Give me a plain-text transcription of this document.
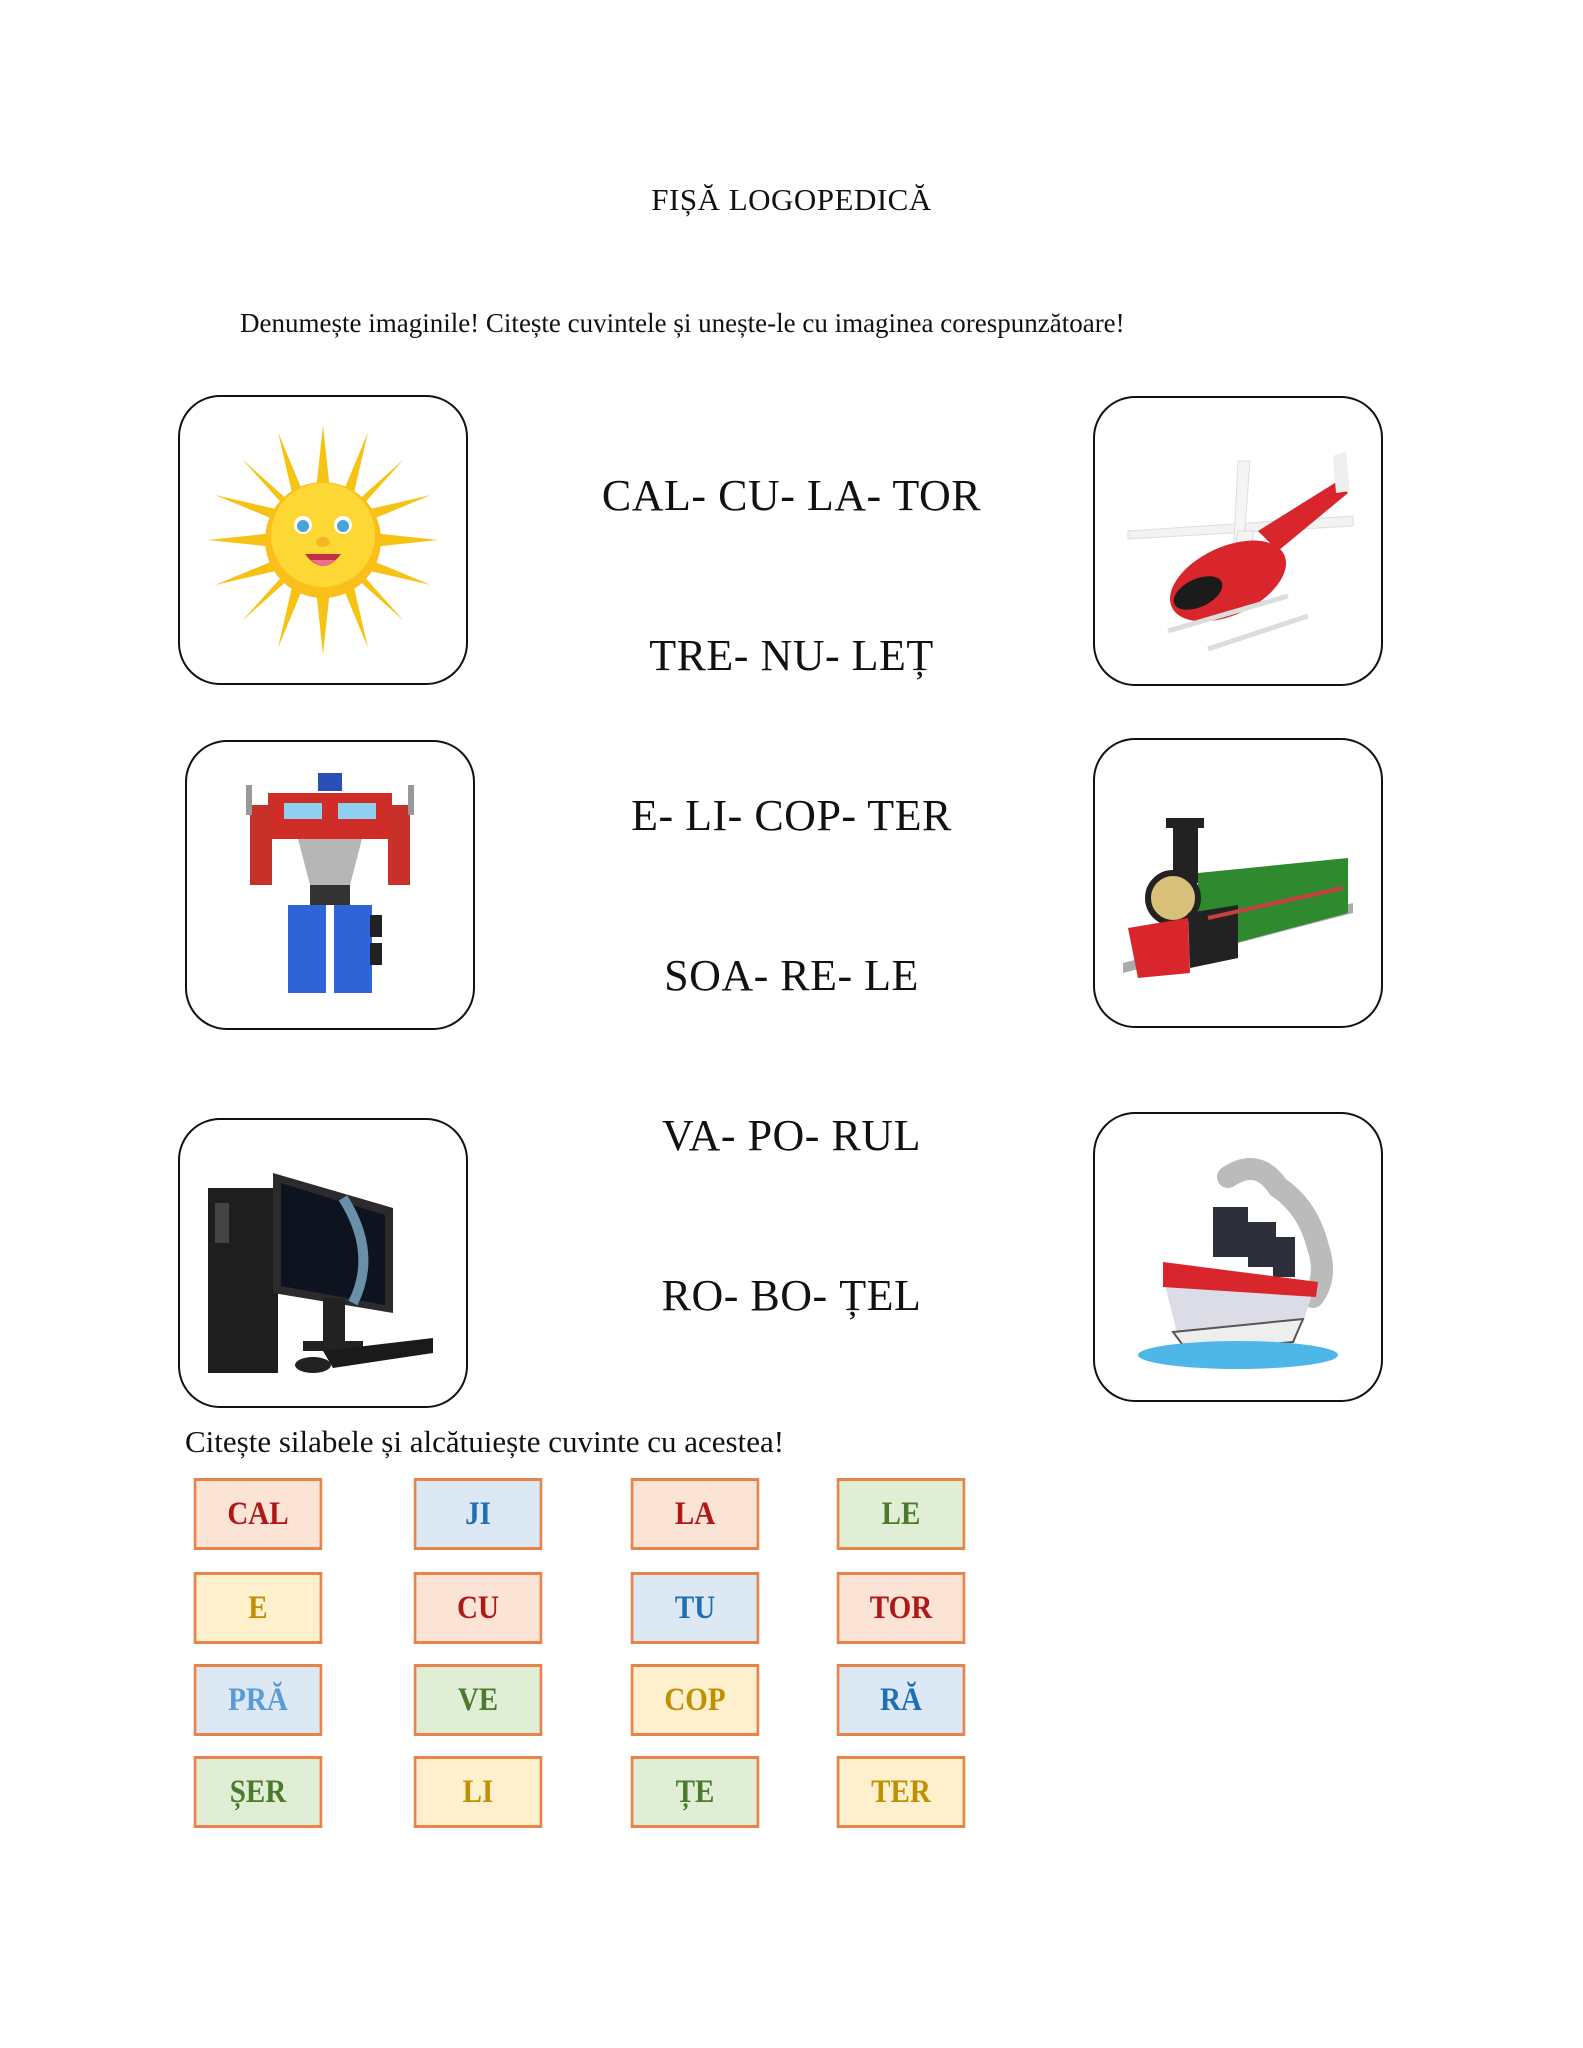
FIȘĂ LOGOPEDICĂ
Denumește imaginile! Citește cuvintele și unește-le cu imaginea corespunzătoare!
CAL- CU- LA- TOR
TRE- NU- LEȚ
E- LI- COP- TER
SOA- RE- LE
VA- PO- RUL
RO- BO- ȚEL
Citește silabele și alcătuiește cuvinte cu acestea!
CAL	JI	LA	LE
E	CU	TU	TOR
PRĂ	VE	COP	RĂ
ȘER	LI	ȚE	TER
